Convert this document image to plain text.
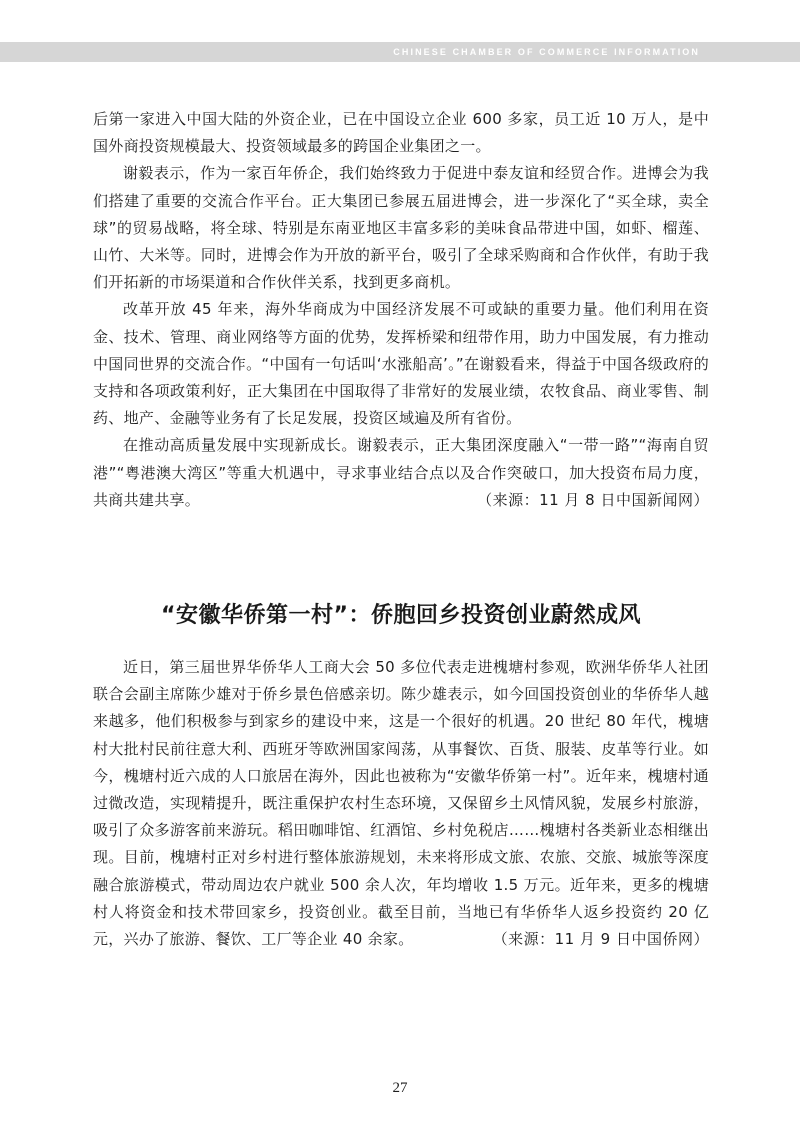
CHINESE CHAMBER OF COMMERCE INFORMATION

后第一家进入中国大陆的外资企业，已在中国设立企业 600 多家，员工近 10 万人，是中国外商投资规模最大、投资领域最多的跨国企业集团之一。

谢毅表示，作为一家百年侨企，我们始终致力于促进中泰友谊和经贸合作。进博会为我们搭建了重要的交流合作平台。正大集团已参展五届进博会，进一步深化了“买全球，卖全球”的贸易战略，将全球、特别是东南亚地区丰富多彩的美味食品带进中国，如虾、榴莲、山竹、大米等。同时，进博会作为开放的新平台，吸引了全球采购商和合作伙伴，有助于我们开拓新的市场渠道和合作伙伴关系，找到更多商机。

改革开放 45 年来，海外华商成为中国经济发展不可或缺的重要力量。他们利用在资金、技术、管理、商业网络等方面的优势，发挥桥梁和纽带作用，助力中国发展，有力推动中国同世界的交流合作。“中国有一句话叫‘水涨船高’。”在谢毅看来，得益于中国各级政府的支持和各项政策利好，正大集团在中国取得了非常好的发展业绩，农牧食品、商业零售、制药、地产、金融等业务有了长足发展，投资区域遍及所有省份。

在推动高质量发展中实现新成长。谢毅表示，正大集团深度融入“一带一路”“海南自贸港”“粤港澳大湾区”等重大机遇中，寻求事业结合点以及合作突破口，加大投资布局力度，共商共建共享。	（来源：11 月 8 日中国新闻网）
“安徽华侨第一村”：侨胞回乡投资创业蔚然成风

近日，第三届世界华侨华人工商大会 50 多位代表走进槐塘村参观，欧洲华侨华人社团联合会副主席陈少雄对于侨乡景色倍感亲切。陈少雄表示，如今回国投资创业的华侨华人越来越多，他们积极参与到家乡的建设中来，这是一个很好的机遇。20 世纪 80 年代，槐塘村大批村民前往意大利、西班牙等欧洲国家闯荡，从事餐饮、百货、服装、皮革等行业。如今，槐塘村近六成的人口旅居在海外，因此也被称为“安徽华侨第一村”。近年来，槐塘村通过微改造，实现精提升，既注重保护农村生态环境，又保留乡土风情风貌，发展乡村旅游，吸引了众多游客前来游玩。稻田咖啡馆、红酒馆、乡村免税店……槐塘村各类新业态相继出现。目前，槐塘村正对乡村进行整体旅游规划，未来将形成文旅、农旅、交旅、城旅等深度融合旅游模式，带动周边农户就业 500 余人次，年均增收 1.5 万元。近年来，更多的槐塘村人将资金和技术带回家乡，投资创业。截至目前，当地已有华侨华人返乡投资约 20 亿元，兴办了旅游、餐饮、工厂等企业 40 余家。	（来源：11 月 9 日中国侨网）
27
